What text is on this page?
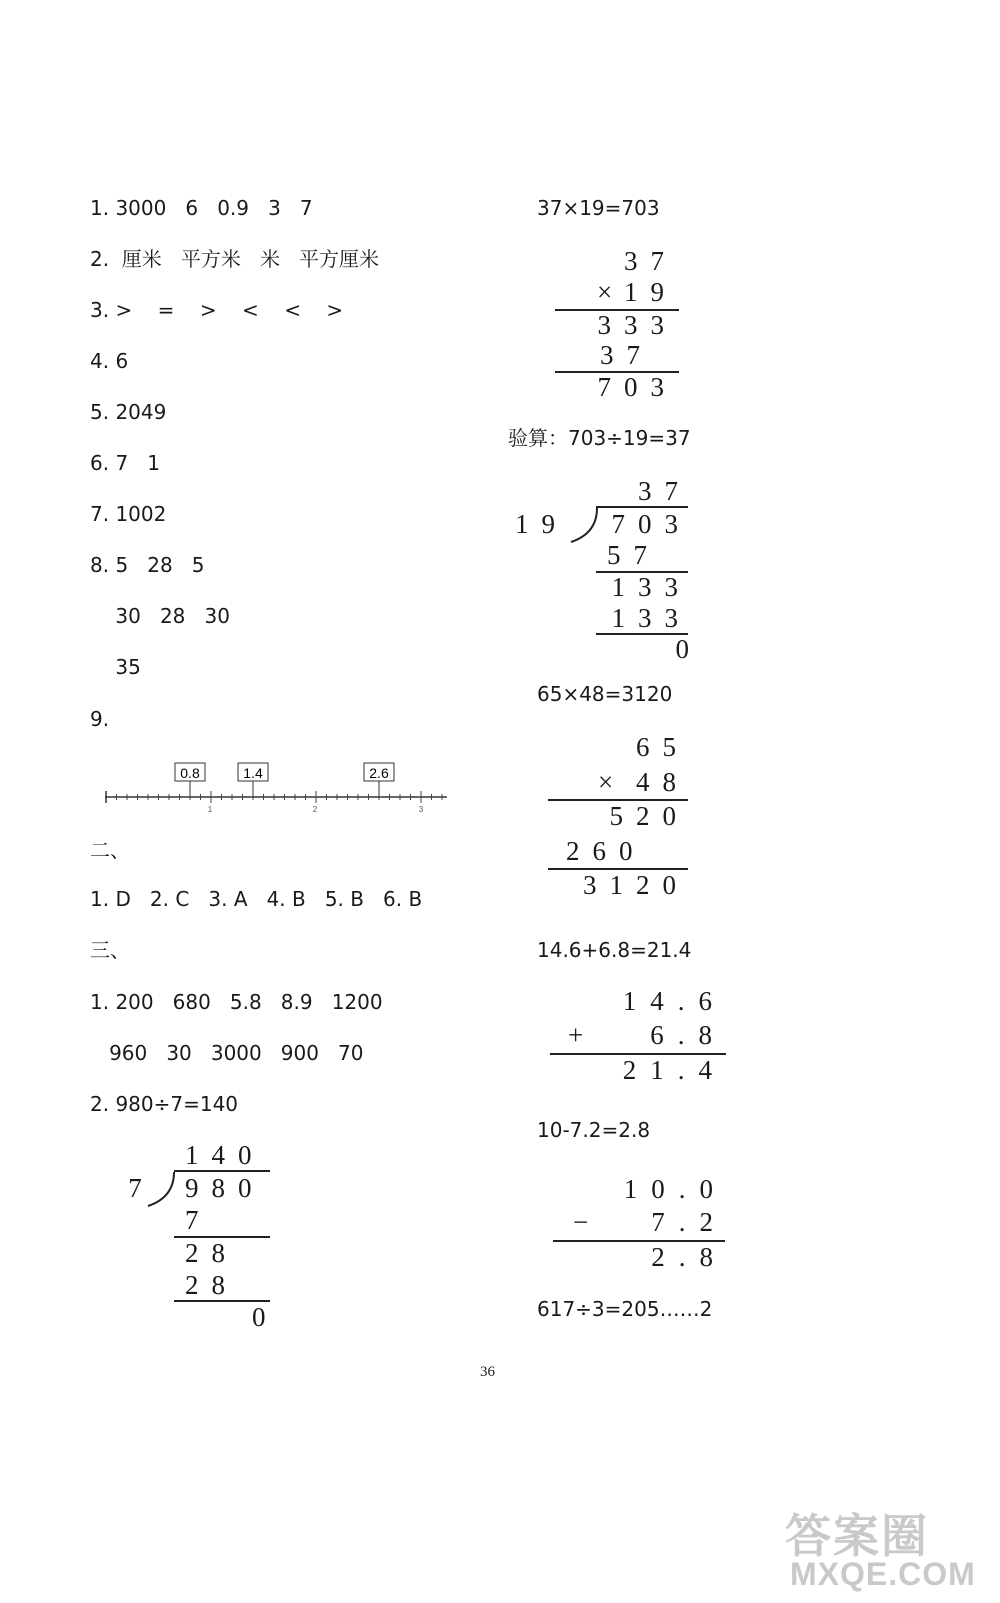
1. 3000   6   0.9   3   7
2.  厘米   平方米   米   平方厘米
3. >    =    >    <    <    >
4. 6
5. 2049
6. 7   1
7. 1002
8. 5   28   5
30   28   30
35
9.
1	2	3
0.8	1.4	2.6
二、
1. D   2. C   3. A   4. B   5. B   6. B
三、
1. 200   680   5.8   8.9   1200
960   30   3000   900   70
2. 980÷7=140
140
7	980
7
28
28
0
37×19=703
37
× 19
333
37
703
验算：703÷19=37
37
19 703
57
133
133
0
65×48=3120
65
× 48
520
260
3120
14.6+6.8=21.4
14.6
+ 6.8
21.4
10-7.2=2.8
10.0
− 7.2
2.8
617÷3=205……2
36
答案圈
MXQE.COM
